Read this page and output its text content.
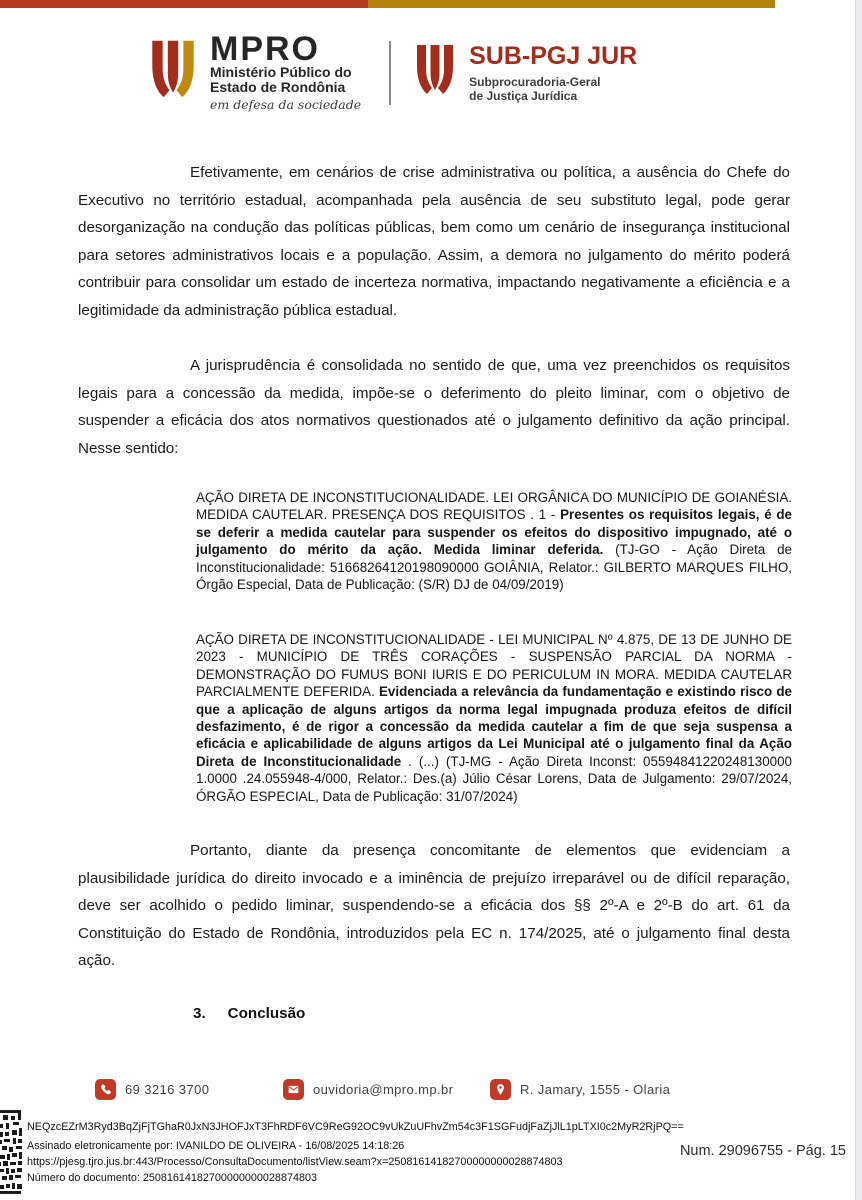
MPRO
Ministério Público do
Estado de Rondônia
em defesa da sociedade
SUB-PGJ JUR
Subprocuradoria-Geral
de Justiça Jurídica

Efetivamente, em cenários de crise administrativa ou política, a ausência do Chefe do Executivo no território estadual, acompanhada pela ausência de seu substituto legal, pode gerar desorganização na condução das políticas públicas, bem como um cenário de insegurança institucional para setores administrativos locais e a população. Assim, a demora no julgamento do mérito poderá contribuir para consolidar um estado de incerteza normativa, impactando negativamente a eficiência e a legitimidade da administração pública estadual.

A jurisprudência é consolidada no sentido de que, uma vez preenchidos os requisitos legais para a concessão da medida, impõe-se o deferimento do pleito liminar, com o objetivo de suspender a eficácia dos atos normativos questionados até o julgamento definitivo da ação principal. Nesse sentido:

AÇÃO DIRETA DE INCONSTITUCIONALIDADE. LEI ORGÂNICA DO MUNICÍPIO DE GOIANÉSIA. MEDIDA CAUTELAR. PRESENÇA DOS REQUISITOS . 1 - Presentes os requisitos legais, é de se deferir a medida cautelar para suspender os efeitos do dispositivo impugnado, até o julgamento do mérito da ação. Medida liminar deferida. (TJ-GO - Ação Direta de Inconstitucionalidade: 51668264120198090000 GOIÂNIA, Relator.: GILBERTO MARQUES FILHO, Órgão Especial, Data de Publicação: (S/R) DJ de 04/09/2019)
AÇÃO DIRETA DE INCONSTITUCIONALIDADE - LEI MUNICIPAL Nº 4.875, DE 13 DE JUNHO DE 2023 - MUNICÍPIO DE TRÊS CORAÇÕES - SUSPENSÃO PARCIAL DA NORMA - DEMONSTRAÇÃO DO FUMUS BONI IURIS E DO PERICULUM IN MORA. MEDIDA CAUTELAR PARCIALMENTE DEFERIDA. Evidenciada a relevância da fundamentação e existindo risco de que a aplicação de alguns artigos da norma legal impugnada produza efeitos de difícil desfazimento, é de rigor a concessão da medida cautelar a fim de que seja suspensa a eficácia e aplicabilidade de alguns artigos da Lei Municipal até o julgamento final da Ação Direta de Inconstitucionalidade . (...) (TJ-MG - Ação Direta Inconst: 05594841220248130000 1.0000 .24.055948-4/000, Relator.: Des.(a) Júlio César Lorens, Data de Julgamento: 29/07/2024, ÓRGÃO ESPECIAL, Data de Publicação: 31/07/2024)

Portanto, diante da presença concomitante de elementos que evidenciam a plausibilidade jurídica do direito invocado e a iminência de prejuízo irreparável ou de difícil reparação, deve ser acolhido o pedido liminar, suspendendo-se a eficácia dos §§ 2º-A e 2º-B do art. 61 da Constituição do Estado de Rondônia, introduzidos pela EC n. 174/2025, até o julgamento final desta ação.

3. Conclusão
69 3216 3700	ouvidoria@mpro.mp.br	R. Jamary, 1555 - Olaria
NEQzcEZrM3Ryd3BqZjFjTGhaR0JxN3JHOFJxT3FhRDF6VC9ReG92OC9vUkZuUFhvZm54c3F1SGFudjFaZjJlL1pLTXI0c2MyR2RjPQ==
Assinado eletronicamente por: IVANILDO DE OLIVEIRA - 16/08/2025 14:18:26
https://pjesg.tjro.jus.br:443/Processo/ConsultaDocumento/listView.seam?x=25081614182700000000028874803
Número do documento: 25081614182700000000028874803
Num. 29096755 - Pág. 15
